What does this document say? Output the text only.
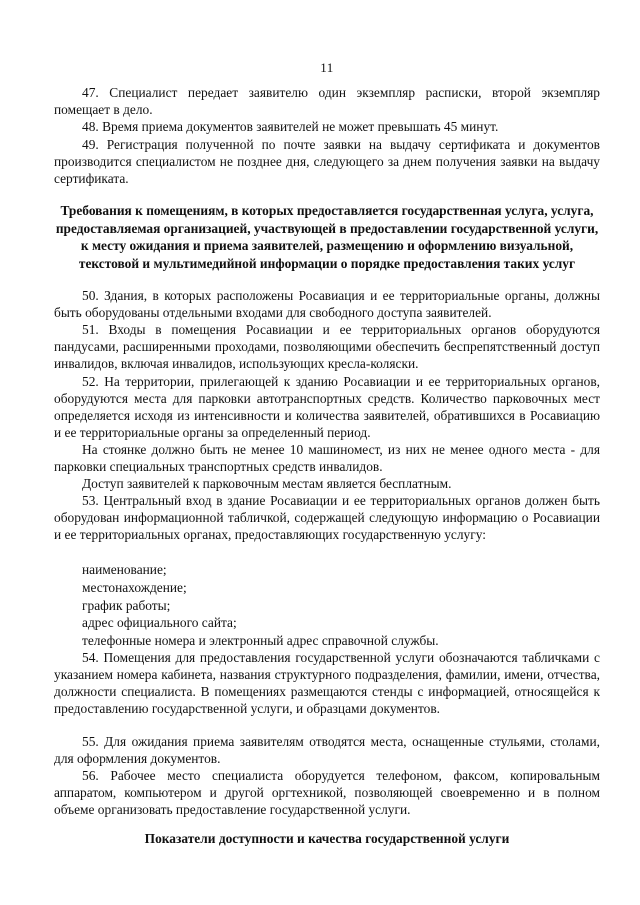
11
47. Специалист передает заявителю один экземпляр расписки, второй экземпляр помещает в дело.
48. Время приема документов заявителей не может превышать 45 минут.
49. Регистрация полученной по почте заявки на выдачу сертификата и документов производится специалистом не позднее дня, следующего за днем получения заявки на выдачу сертификата.
Требования к помещениям, в которых предоставляется государственная услуга, услуга, предоставляемая организацией, участвующей в предоставлении государственной услуги, к месту ожидания и приема заявителей, размещению и оформлению визуальной, текстовой и мультимедийной информации о порядке предоставления таких услуг
50. Здания, в которых расположены Росавиация и ее территориальные органы, должны быть оборудованы отдельными входами для свободного доступа заявителей.
51. Входы в помещения Росавиации и ее территориальных органов оборудуются пандусами, расширенными проходами, позволяющими обеспечить беспрепятственный доступ инвалидов, включая инвалидов, использующих кресла-коляски.
52. На территории, прилегающей к зданию Росавиации и ее территориальных органов, оборудуются места для парковки автотранспортных средств. Количество парковочных мест определяется исходя из интенсивности и количества заявителей, обратившихся в Росавиацию и ее территориальные органы за определенный период.
На стоянке должно быть не менее 10 машиномест, из них не менее одного места - для парковки специальных транспортных средств инвалидов.
Доступ заявителей к парковочным местам является бесплатным.
53. Центральный вход в здание Росавиации и ее территориальных органов должен быть оборудован информационной табличкой, содержащей следующую информацию о Росавиации и ее территориальных органах, предоставляющих государственную услугу:
наименование;
местонахождение;
график работы;
адрес официального сайта;
телефонные номера и электронный адрес справочной службы.
54. Помещения для предоставления государственной услуги обозначаются табличками с указанием номера кабинета, названия структурного подразделения, фамилии, имени, отчества, должности специалиста. В помещениях размещаются стенды с информацией, относящейся к предоставлению государственной услуги, и образцами документов.
55. Для ожидания приема заявителям отводятся места, оснащенные стульями, столами, для оформления документов.
56. Рабочее место специалиста оборудуется телефоном, факсом, копировальным аппаратом, компьютером и другой оргтехникой, позволяющей своевременно и в полном объеме организовать предоставление государственной услуги.
Показатели доступности и качества государственной услуги
